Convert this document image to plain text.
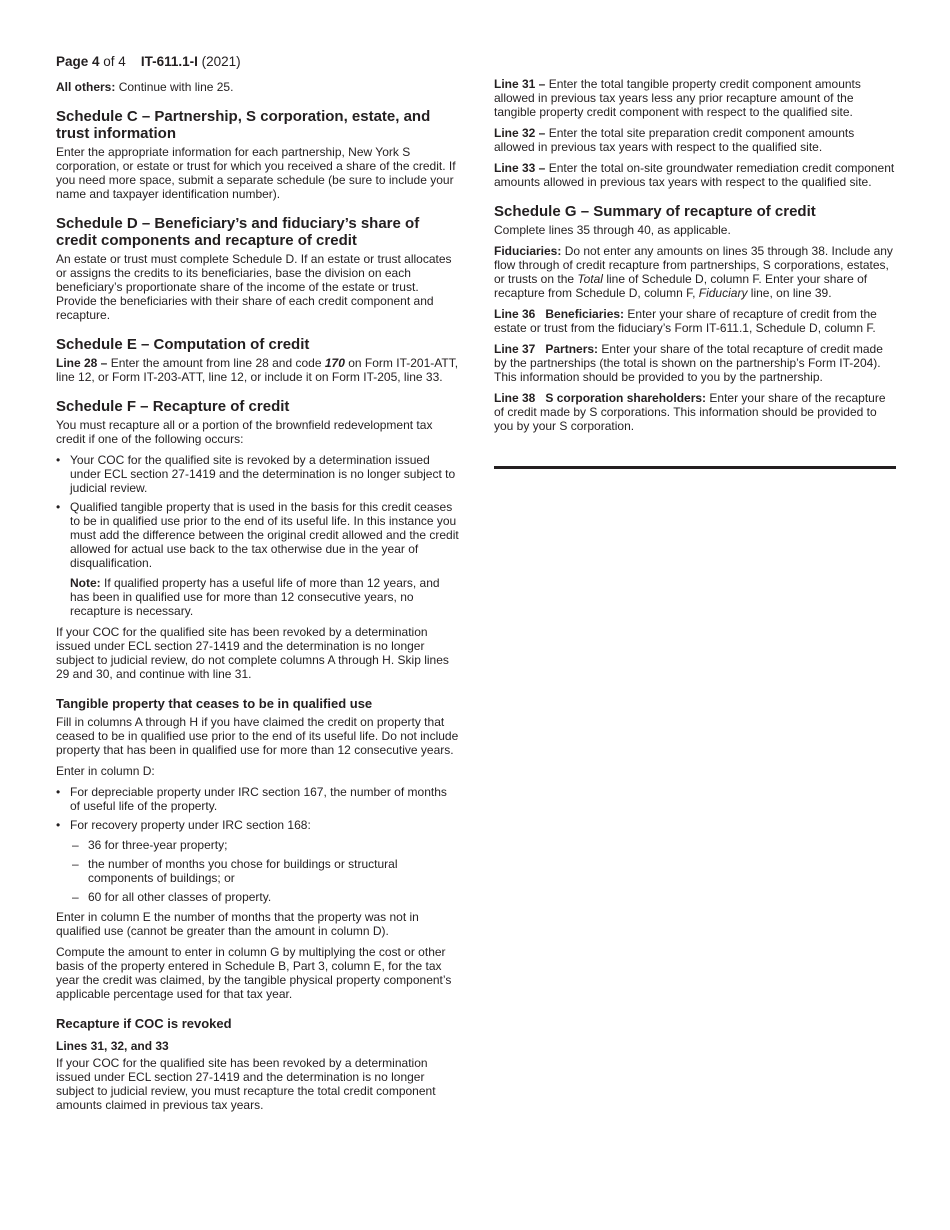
Page 4 of 4 IT-611.1-I (2021)

All others: Continue with line 25.

Schedule C – Partnership, S corporation, estate, and trust information

Enter the appropriate information for each partnership, New York S corporation, or estate or trust for which you received a share of the credit. If you need more space, submit a separate schedule (be sure to include your name and taxpayer identification number).

Schedule D – Beneficiary’s and fiduciary’s share of credit components and recapture of credit

An estate or trust must complete Schedule D. If an estate or trust allocates or assigns the credits to its beneficiaries, base the division on each beneficiary’s proportionate share of the income of the estate or trust. Provide the beneficiaries with their share of each credit component and recapture.

Schedule E – Computation of credit

Line 28 – Enter the amount from line 28 and code 170 on Form IT-201-ATT, line 12, or Form IT-203-ATT, line 12, or include it on Form IT-205, line 33.

Schedule F – Recapture of credit

You must recapture all or a portion of the brownfield redevelopment tax credit if one of the following occurs:

• Your COC for the qualified site is revoked by a determination issued under ECL section 27-1419 and the determination is no longer subject to judicial review.
• Qualified tangible property that is used in the basis for this credit ceases to be in qualified use prior to the end of its useful life. In this instance you must add the difference between the original credit allowed and the credit allowed for actual use back to the tax otherwise due in the year of disqualification.

Note: If qualified property has a useful life of more than 12 years, and has been in qualified use for more than 12 consecutive years, no recapture is necessary.

If your COC for the qualified site has been revoked by a determination issued under ECL section 27-1419 and the determination is no longer subject to judicial review, do not complete columns A through H. Skip lines 29 and 30, and continue with line 31.

Tangible property that ceases to be in qualified use

Fill in columns A through H if you have claimed the credit on property that ceased to be in qualified use prior to the end of its useful life. Do not include property that has been in qualified use for more than 12 consecutive years.

Enter in column D:

• For depreciable property under IRC section 167, the number of months of useful life of the property.
• For recovery property under IRC section 168:
– 36 for three-year property;
– the number of months you chose for buildings or structural components of buildings; or
– 60 for all other classes of property.

Enter in column E the number of months that the property was not in qualified use (cannot be greater than the amount in column D).

Compute the amount to enter in column G by multiplying the cost or other basis of the property entered in Schedule B, Part 3, column E, for the tax year the credit was claimed, by the tangible physical property component’s applicable percentage used for that tax year.

Recapture if COC is revoked
Lines 31, 32, and 33

If your COC for the qualified site has been revoked by a determination issued under ECL section 27-1419 and the determination is no longer subject to judicial review, you must recapture the total credit component amounts claimed in previous tax years.

Line 31 – Enter the total tangible property credit component amounts allowed in previous tax years less any prior recapture amount of the tangible property credit component with respect to the qualified site.

Line 32 – Enter the total site preparation credit component amounts allowed in previous tax years with respect to the qualified site.

Line 33 – Enter the total on-site groundwater remediation credit component amounts allowed in previous tax years with respect to the qualified site.

Schedule G – Summary of recapture of credit

Complete lines 35 through 40, as applicable.

Fiduciaries: Do not enter any amounts on lines 35 through 38. Include any flow through of credit recapture from partnerships, S corporations, estates, or trusts on the Total line of Schedule D, column F. Enter your share of recapture from Schedule D, column F, Fiduciary line, on line 39.

Line 36   Beneficiaries: Enter your share of recapture of credit from the estate or trust from the fiduciary’s Form IT-611.1, Schedule D, column F.

Line 37   Partners: Enter your share of the total recapture of credit made by the partnerships (the total is shown on the partnership’s Form IT-204). This information should be provided to you by the partnership.

Line 38   S corporation shareholders: Enter your share of the recapture of credit made by S corporations. This information should be provided to you by your S corporation.
